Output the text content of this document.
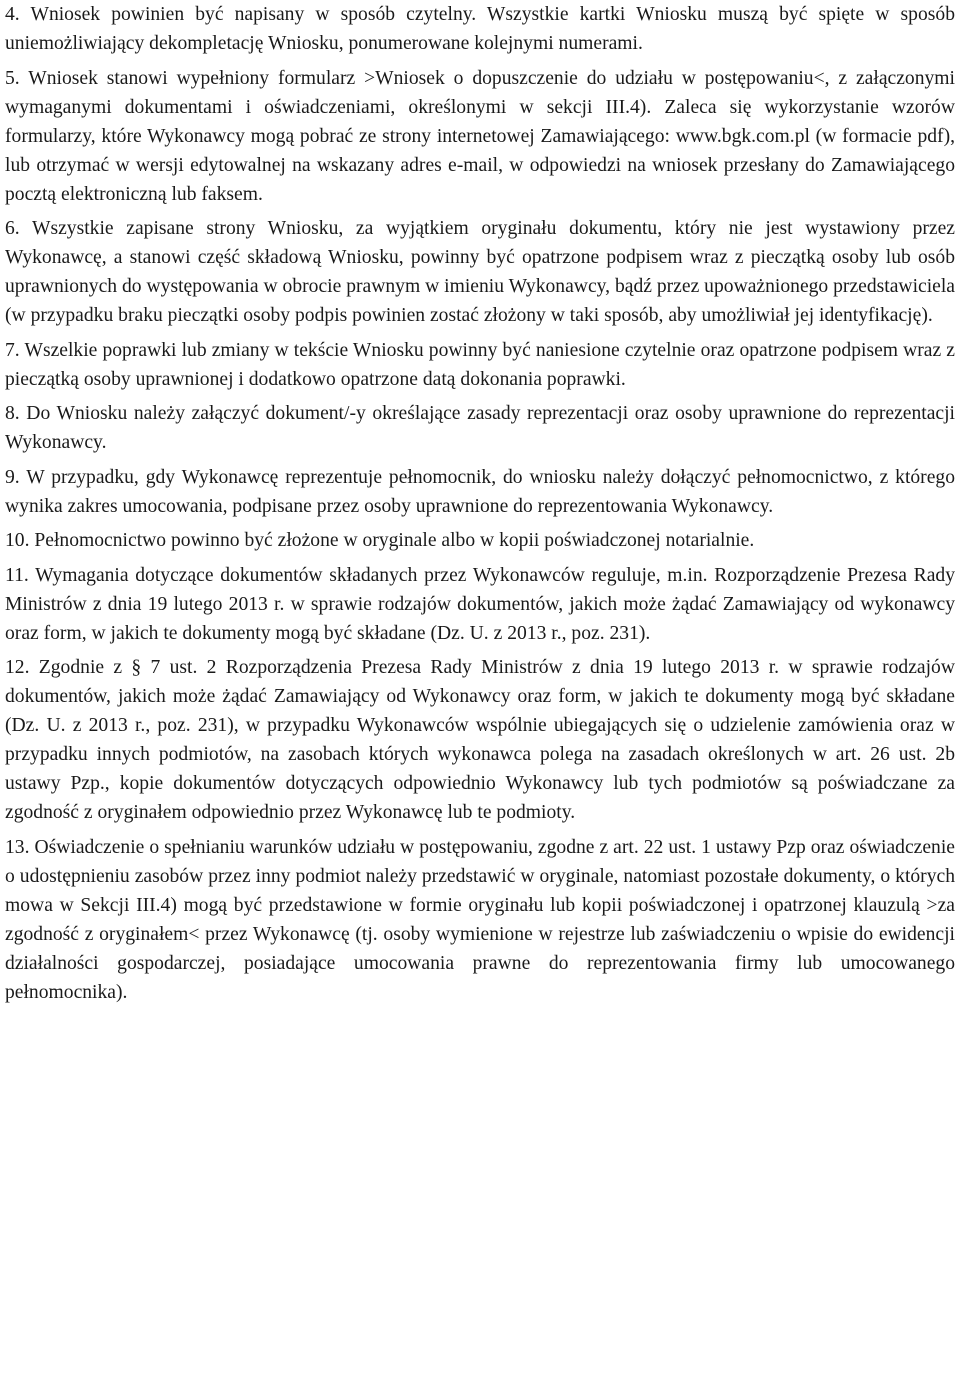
4. Wniosek powinien być napisany w sposób czytelny. Wszystkie kartki Wniosku muszą być spięte w sposób uniemożliwiający dekompletację Wniosku, ponumerowane kolejnymi numerami.

5. Wniosek stanowi wypełniony formularz >Wniosek o dopuszczenie do udziału w postępowaniu<, z załączonymi wymaganymi dokumentami i oświadczeniami, określonymi w sekcji III.4). Zaleca się wykorzystanie wzorów formularzy, które Wykonawcy mogą pobrać ze strony internetowej Zamawiającego: www.bgk.com.pl (w formacie pdf), lub otrzymać w wersji edytowalnej na wskazany adres e-mail, w odpowiedzi na wniosek przesłany do Zamawiającego pocztą elektroniczną lub faksem.

6. Wszystkie zapisane strony Wniosku, za wyjątkiem oryginału dokumentu, który nie jest wystawiony przez Wykonawcę, a stanowi część składową Wniosku, powinny być opatrzone podpisem wraz z pieczątką osoby lub osób uprawnionych do występowania w obrocie prawnym w imieniu Wykonawcy, bądź przez upoważnionego przedstawiciela (w przypadku braku pieczątki osoby podpis powinien zostać złożony w taki sposób, aby umożliwiał jej identyfikację).

7. Wszelkie poprawki lub zmiany w tekście Wniosku powinny być naniesione czytelnie oraz opatrzone podpisem wraz z pieczątką osoby uprawnionej i dodatkowo opatrzone datą dokonania poprawki.

8. Do Wniosku należy załączyć dokument/-y określające zasady reprezentacji oraz osoby uprawnione do reprezentacji Wykonawcy.

9. W przypadku, gdy Wykonawcę reprezentuje pełnomocnik, do wniosku należy dołączyć pełnomocnictwo, z którego wynika zakres umocowania, podpisane przez osoby uprawnione do reprezentowania Wykonawcy.

10. Pełnomocnictwo powinno być złożone w oryginale albo w kopii poświadczonej notarialnie.

11. Wymagania dotyczące dokumentów składanych przez Wykonawców reguluje, m.in. Rozporządzenie Prezesa Rady Ministrów z dnia 19 lutego 2013 r. w sprawie rodzajów dokumentów, jakich może żądać Zamawiający od wykonawcy oraz form, w jakich te dokumenty mogą być składane (Dz. U. z 2013 r., poz. 231).

12. Zgodnie z § 7 ust. 2 Rozporządzenia Prezesa Rady Ministrów z dnia 19 lutego 2013 r. w sprawie rodzajów dokumentów, jakich może żądać Zamawiający od Wykonawcy oraz form, w jakich te dokumenty mogą być składane (Dz. U. z 2013 r., poz. 231), w przypadku Wykonawców wspólnie ubiegających się o udzielenie zamówienia oraz w przypadku innych podmiotów, na zasobach których wykonawca polega na zasadach określonych w art. 26 ust. 2b ustawy Pzp., kopie dokumentów dotyczących odpowiednio Wykonawcy lub tych podmiotów są poświadczane za zgodność z oryginałem odpowiednio przez Wykonawcę lub te podmioty.

13. Oświadczenie o spełnianiu warunków udziału w postępowaniu, zgodne z art. 22 ust. 1 ustawy Pzp oraz oświadczenie o udostępnieniu zasobów przez inny podmiot należy przedstawić w oryginale, natomiast pozostałe dokumenty, o których mowa w Sekcji III.4) mogą być przedstawione w formie oryginału lub kopii poświadczonej i opatrzonej klauzulą >za zgodność z oryginałem< przez Wykonawcę (tj. osoby wymienione w rejestrze lub zaświadczeniu o wpisie do ewidencji działalności gospodarczej, posiadające umocowania prawne do reprezentowania firmy lub umocowanego pełnomocnika).
